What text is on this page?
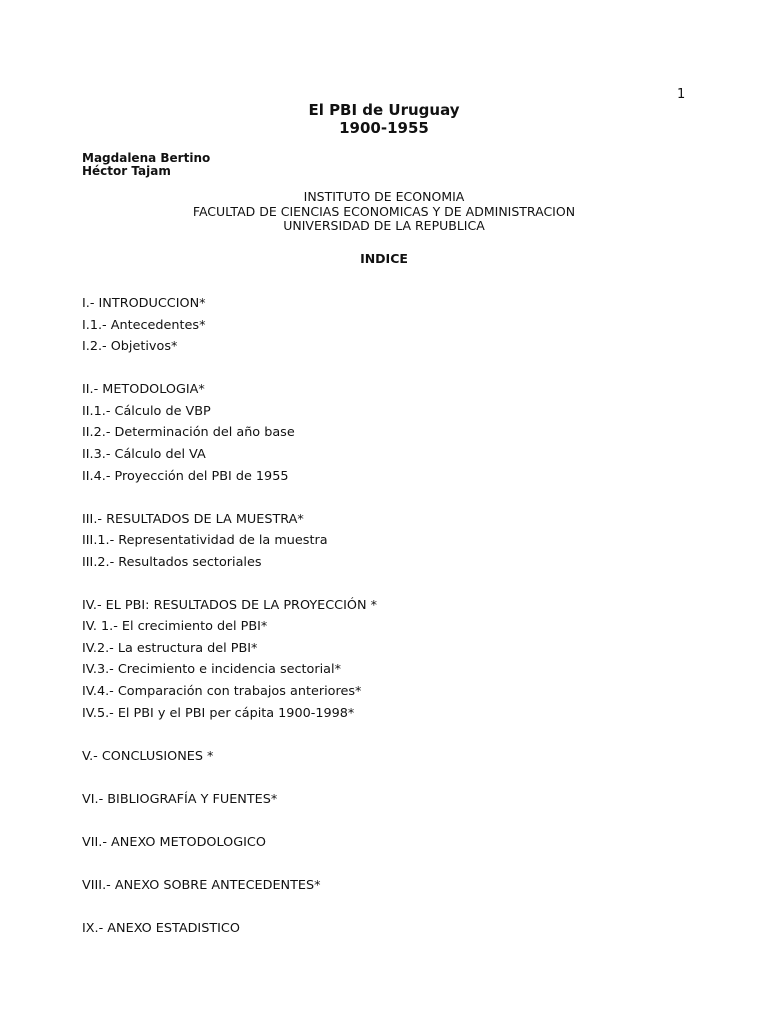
1

El PBI de Uruguay

1900-1955

Magdalena Bertino
Héctor Tajam
INSTITUTO DE ECONOMIA
FACULTAD DE CIENCIAS ECONOMICAS Y DE ADMINISTRACION
UNIVERSIDAD DE LA REPUBLICA
INDICE
I.- INTRODUCCION*
I.1.- Antecedentes*
I.2.- Objetivos*
II.- METODOLOGIA*
II.1.- Cálculo de VBP
II.2.- Determinación del año base
II.3.- Cálculo del VA
II.4.- Proyección del PBI de 1955
III.- RESULTADOS DE LA MUESTRA*
III.1.- Representatividad de la muestra
III.2.- Resultados sectoriales
IV.- EL PBI: RESULTADOS DE LA PROYECCIÓN *
IV. 1.- El crecimiento del PBI*
IV.2.- La estructura del PBI*
IV.3.- Crecimiento e incidencia sectorial*
IV.4.- Comparación con trabajos anteriores*
IV.5.- El PBI y el PBI per cápita 1900-1998*
V.- CONCLUSIONES *
VI.- BIBLIOGRAFÍA Y FUENTES*
VII.- ANEXO METODOLOGICO
VIII.- ANEXO SOBRE ANTECEDENTES*
IX.- ANEXO ESTADISTICO
